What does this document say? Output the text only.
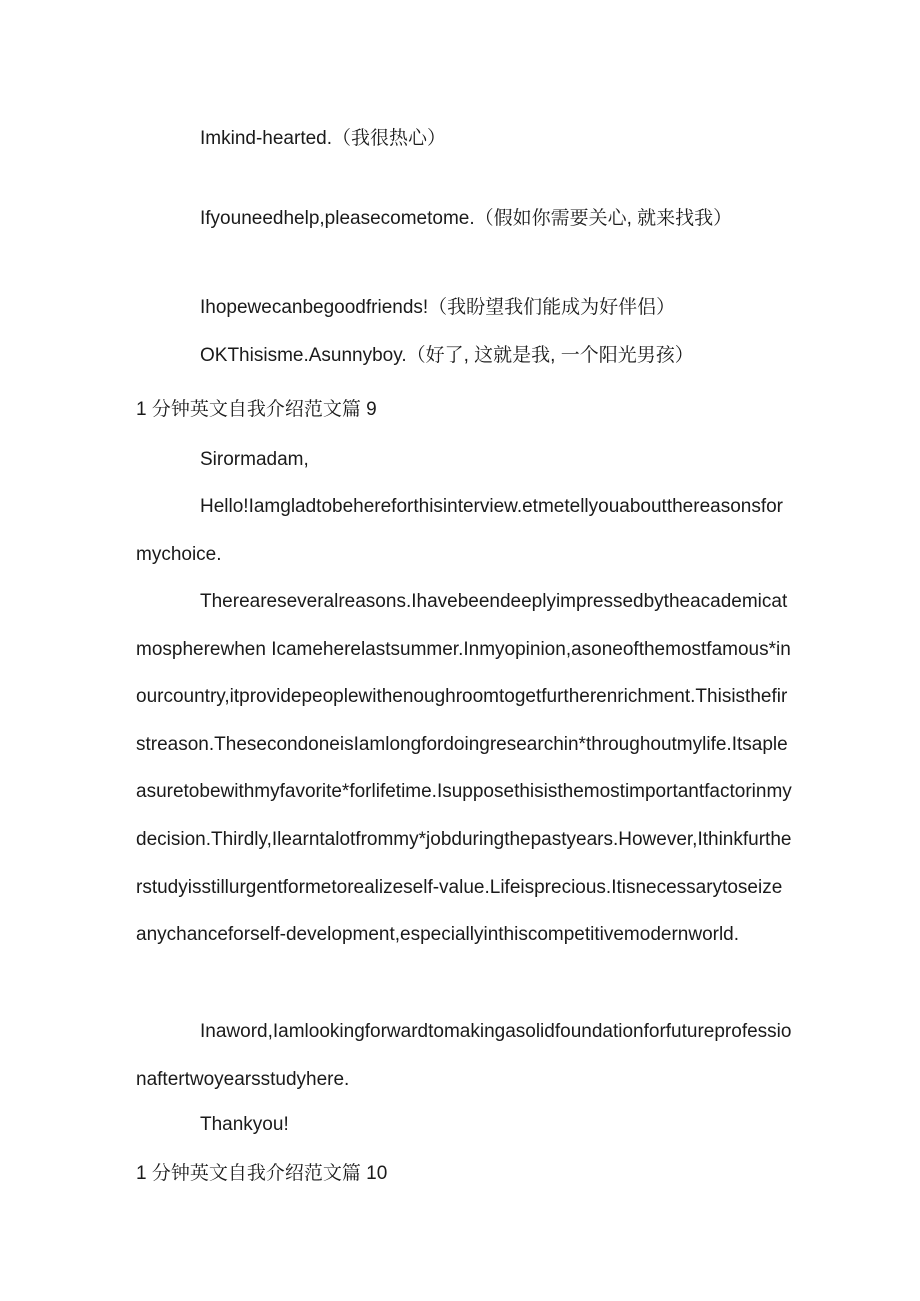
Imkind-hearted.（我很热心）
Ifyouneedhelp,pleasecometome.（假如你需要关心, 就来找我）
Ihopewecanbegoodfriends!（我盼望我们能成为好伴侣）
OKThisisme.Asunnyboy.（好了, 这就是我, 一个阳光男孩）
1 分钟英文自我介绍范文篇 9
Sirormadam,
Hello!Iamgladtobehereforthisinterview.etmetellyouaboutthereasonsformychoice.
Thereareseveralreasons.Ihavebeendeeplyimpressedbytheacademicatmospherewhen Icameherelastsummer.Inmyopinion,asoneofthemostfamous*inourcountry,itprovidepeoplewithenoughroomtogetfurtherenrichment.Thisisthefirstreason.ThesecondoneisIamlongfordoingresearchin*throughoutmylife.Itsapleasuretobewithmyfavorite*forlifetime.Isupposethisisthemostimportantfactorinmydecision.Thirdly,Ilearntalotfrommy*jobduringthepastyears.However,Ithinkfurtherstudyisstillurgentformetorealizeself-value.Lifeisprecious.Itisnecessarytoseizeanychanceforself-development,especiallyinthiscompetitivemodernworld.
Inaword,Iamlookingforwardtomakingasolidfoundationforfutureprofessionaftertwoyearsstudyhere.
Thankyou!
1 分钟英文自我介绍范文篇 10
